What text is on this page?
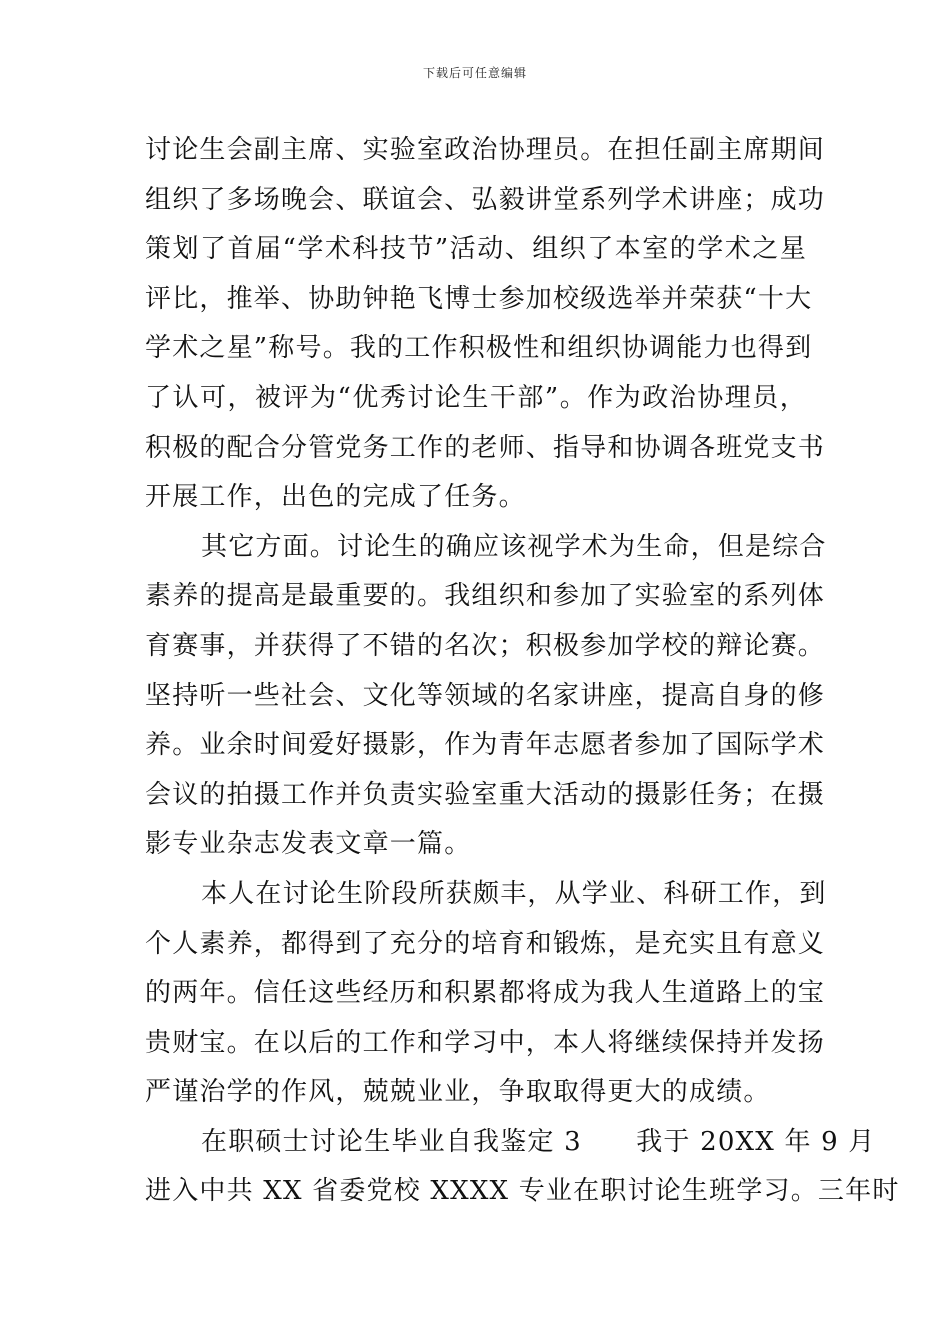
下载后可任意编辑
讨论生会副主席、实验室政治协理员。在担任副主席期间
组织了多场晚会、联谊会、弘毅讲堂系列学术讲座；成功
策划了首届“学术科技节”活动、组织了本室的学术之星
评比，推举、协助钟艳飞博士参加校级选举并荣获“十大
学术之星”称号。我的工作积极性和组织协调能力也得到
了认可，被评为“优秀讨论生干部”。作为政治协理员，
积极的配合分管党务工作的老师、指导和协调各班党支书
开展工作，出色的完成了任务。
其它方面。讨论生的确应该视学术为生命，但是综合
素养的提高是最重要的。我组织和参加了实验室的系列体
育赛事，并获得了不错的名次；积极参加学校的辩论赛。
坚持听一些社会、文化等领域的名家讲座，提高自身的修
养。业余时间爱好摄影，作为青年志愿者参加了国际学术
会议的拍摄工作并负责实验室重大活动的摄影任务；在摄
影专业杂志发表文章一篇。
本人在讨论生阶段所获颇丰，从学业、科研工作，到
个人素养，都得到了充分的培育和锻炼，是充实且有意义
的两年。信任这些经历和积累都将成为我人生道路上的宝
贵财宝。在以后的工作和学习中，本人将继续保持并发扬
严谨治学的作风，兢兢业业，争取取得更大的成绩。
在职硕士讨论生毕业自我鉴定 3　　我于 20XX 年 9 月
进入中共 XX 省委党校 XXXX 专业在职讨论生班学习。三年时
